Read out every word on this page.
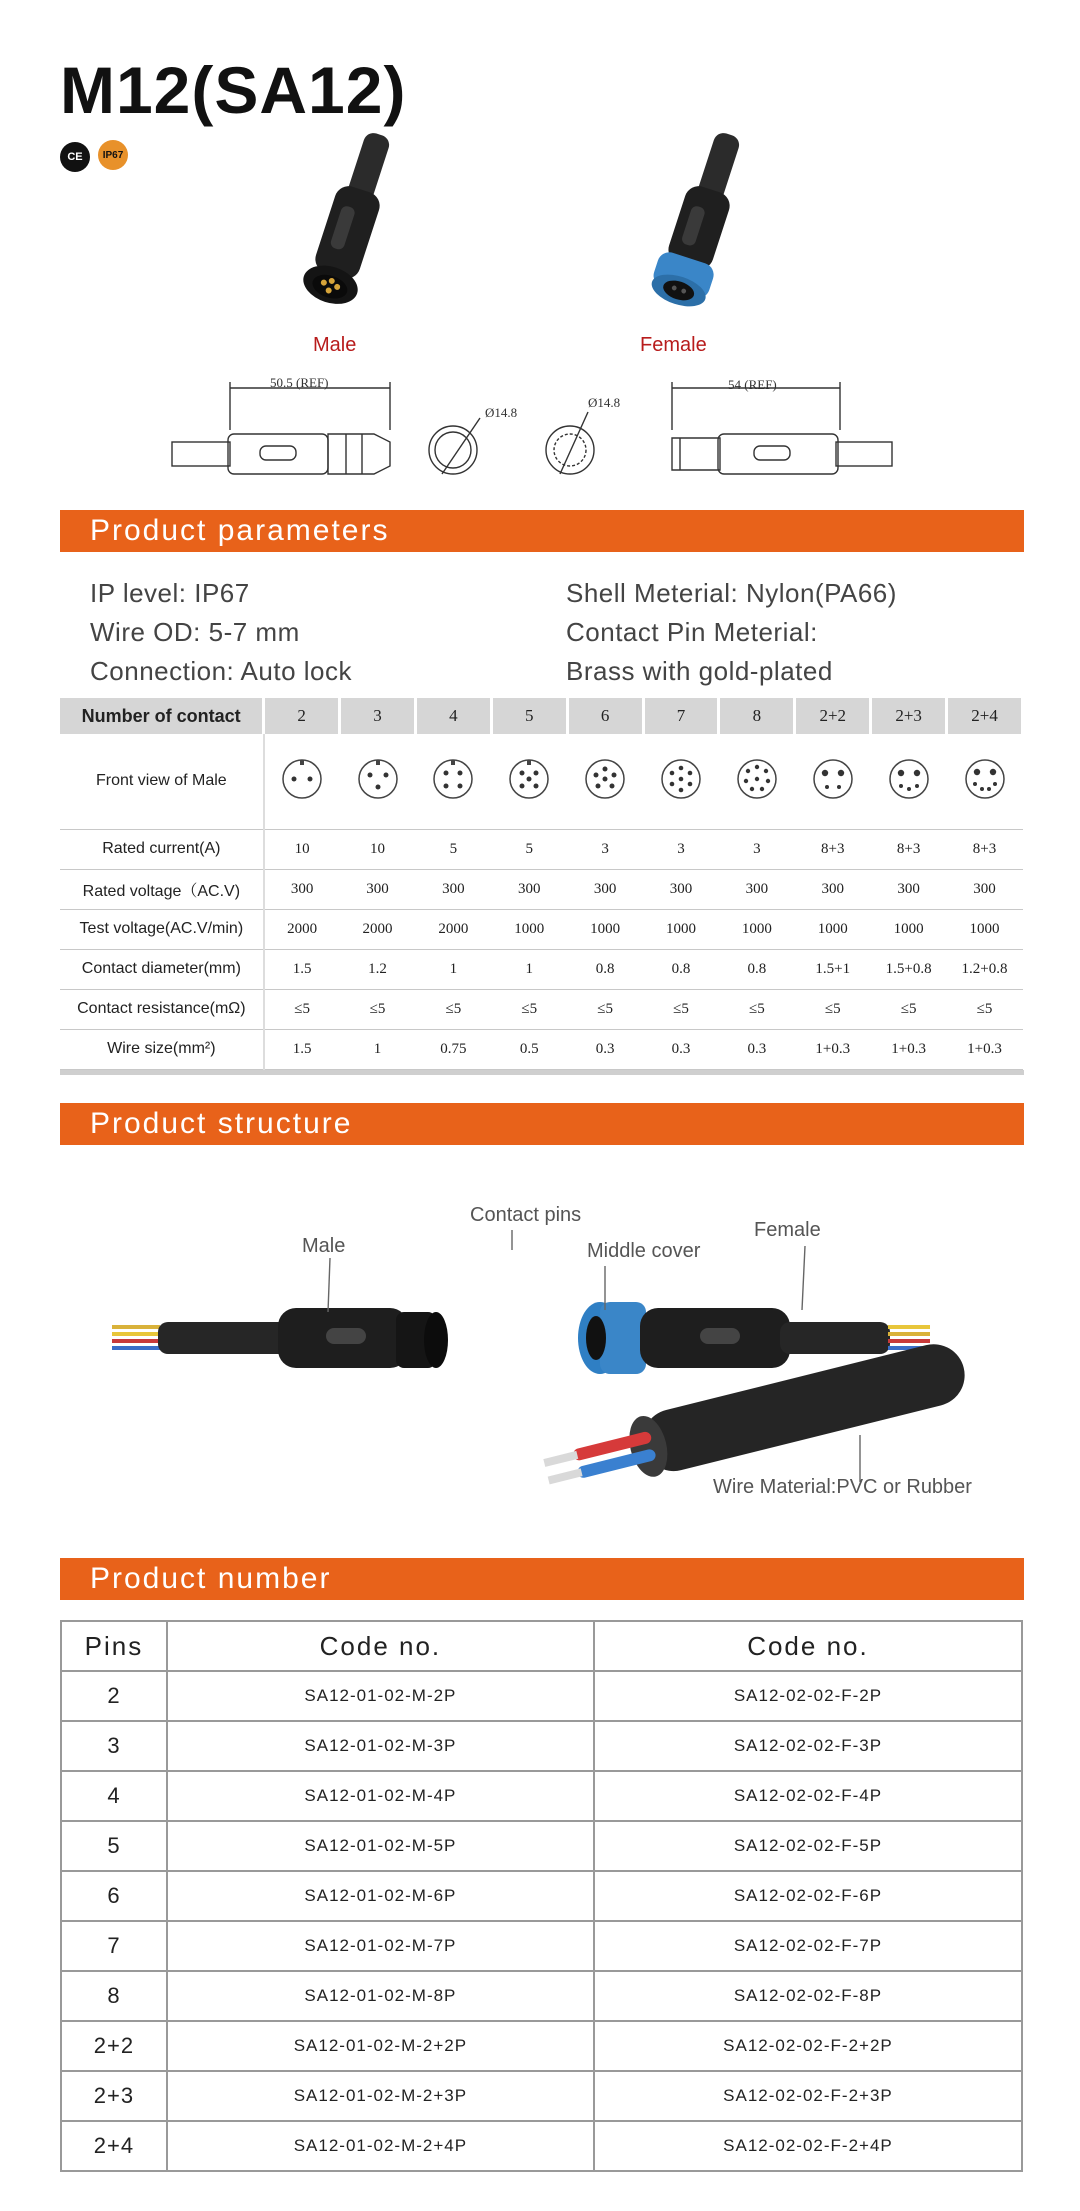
M12(SA12)
CE IP67
Male	Female
50.5 (REF)
Ø14.8
Ø14.8
54 (REF)
Product parameters
IP level: IP67
Wire OD: 5-7 mm
Connection: Auto lock
Shell Meterial: Nylon(PA66)
Contact Pin Meterial:
Brass with gold-plated
Number of contact	2	3	4	5	6	7	8	2+2	2+3	2+4
Front view of Male										
Rated current(A)	10	10	5	5	3	3	3	8+3	8+3	8+3
Rated voltage（AC.V)	300	300	300	300	300	300	300	300	300	300
Test voltage(AC.V/min)	2000	2000	2000	1000	1000	1000	1000	1000	1000	1000
Contact diameter(mm)	1.5	1.2	1	1	0.8	0.8	0.8	1.5+1	1.5+0.8	1.2+0.8
Contact resistance(mΩ)	≤5	≤5	≤5	≤5	≤5	≤5	≤5	≤5	≤5	≤5
Wire size(mm²)	1.5	1	0.75	0.5	0.3	0.3	0.3	1+0.3	1+0.3	1+0.3
Product structure
Male
Contact pins
Middle cover
Female
Wire Material:PVC or Rubber
Product number
Pins	Code no.	Code no.
2	SA12-01-02-M-2P	SA12-02-02-F-2P
3	SA12-01-02-M-3P	SA12-02-02-F-3P
4	SA12-01-02-M-4P	SA12-02-02-F-4P
5	SA12-01-02-M-5P	SA12-02-02-F-5P
6	SA12-01-02-M-6P	SA12-02-02-F-6P
7	SA12-01-02-M-7P	SA12-02-02-F-7P
8	SA12-01-02-M-8P	SA12-02-02-F-8P
2+2	SA12-01-02-M-2+2P	SA12-02-02-F-2+2P
2+3	SA12-01-02-M-2+3P	SA12-02-02-F-2+3P
2+4	SA12-01-02-M-2+4P	SA12-02-02-F-2+4P
